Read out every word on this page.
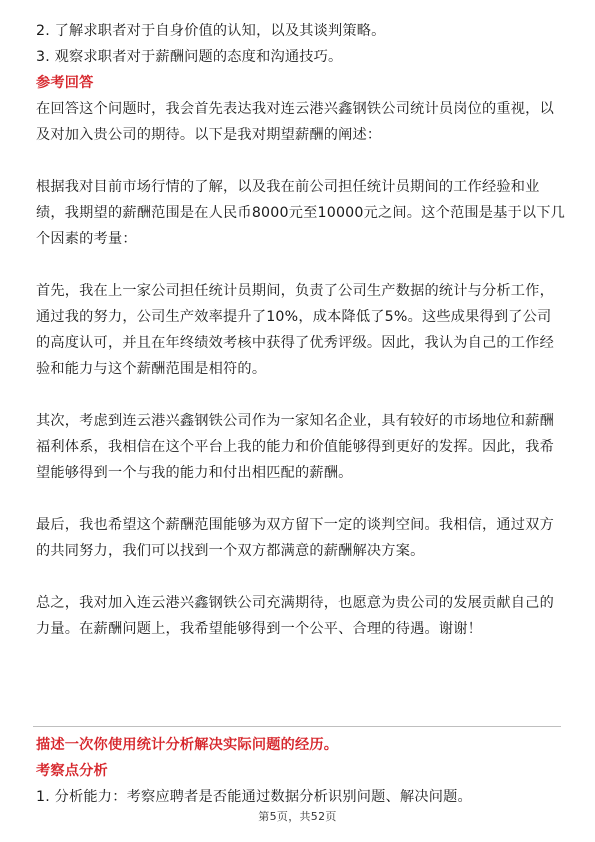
2. 了解求职者对于自身价值的认知，以及其谈判策略。
3. 观察求职者对于薪酬问题的态度和沟通技巧。
参考回答
在回答这个问题时，我会首先表达我对连云港兴鑫钢铁公司统计员岗位的重视，以
及对加入贵公司的期待。以下是我对期望薪酬的阐述：
根据我对目前市场行情的了解，以及我在前公司担任统计员期间的工作经验和业
绩，我期望的薪酬范围是在人民币8000元至10000元之间。这个范围是基于以下几
个因素的考量：
首先，我在上一家公司担任统计员期间，负责了公司生产数据的统计与分析工作，
通过我的努力，公司生产效率提升了10%，成本降低了5%。这些成果得到了公司
的高度认可，并且在年终绩效考核中获得了优秀评级。因此，我认为自己的工作经
验和能力与这个薪酬范围是相符的。
其次，考虑到连云港兴鑫钢铁公司作为一家知名企业，具有较好的市场地位和薪酬
福利体系，我相信在这个平台上我的能力和价值能够得到更好的发挥。因此，我希
望能够得到一个与我的能力和付出相匹配的薪酬。
最后，我也希望这个薪酬范围能够为双方留下一定的谈判空间。我相信，通过双方
的共同努力，我们可以找到一个双方都满意的薪酬解决方案。
总之，我对加入连云港兴鑫钢铁公司充满期待，也愿意为贵公司的发展贡献自己的
力量。在薪酬问题上，我希望能够得到一个公平、合理的待遇。谢谢！
描述一次你使用统计分析解决实际问题的经历。
考察点分析
1. 分析能力：考察应聘者是否能通过数据分析识别问题、解决问题。
第5页，共52页
